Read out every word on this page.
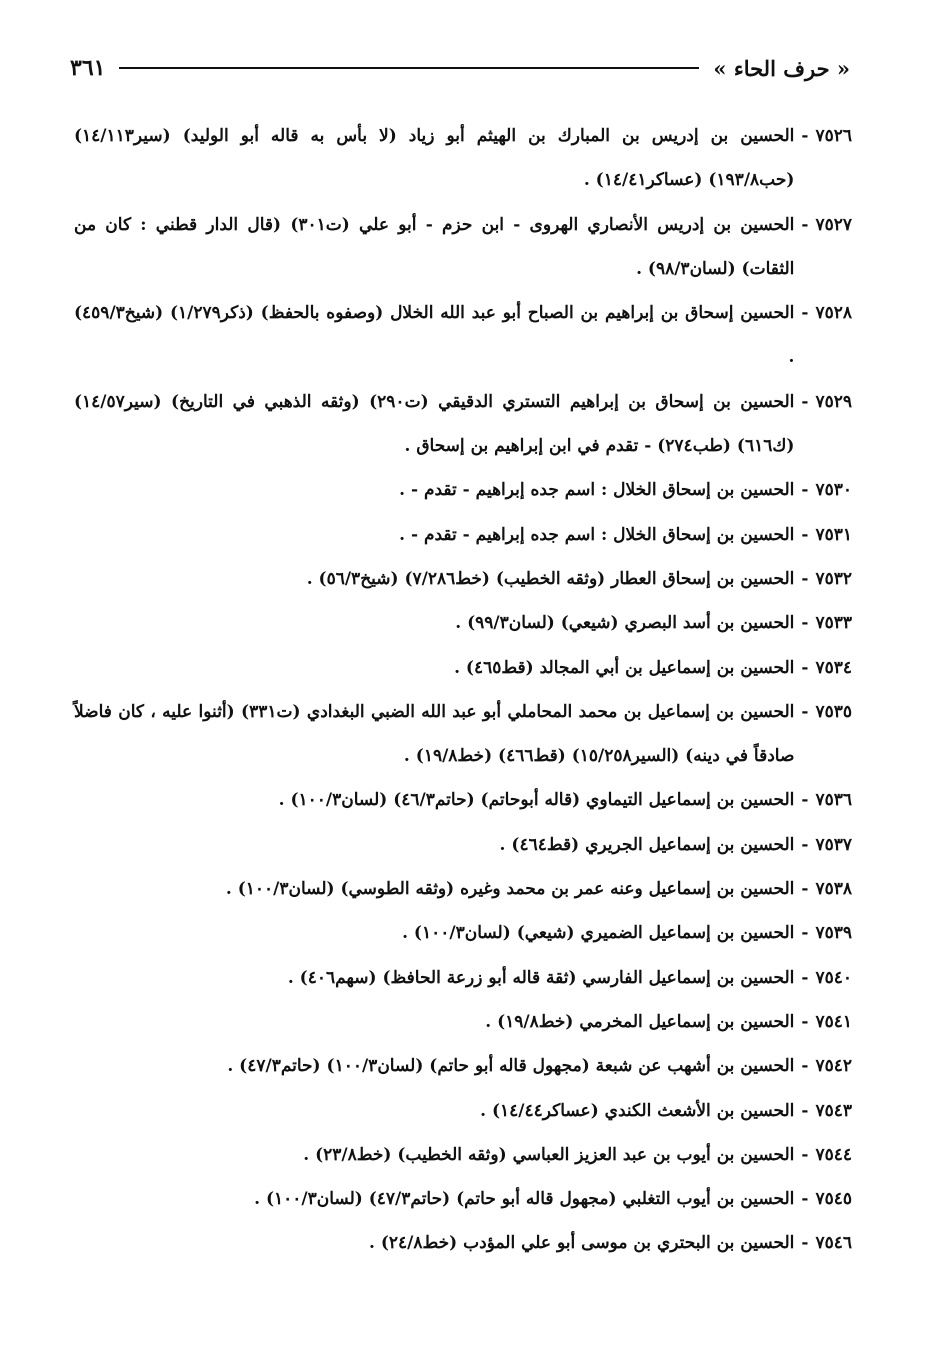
« حرف الحاء »
٣٦١
٧٥٢٦
-
الحسين بن إدريس بن المبارك بن الهيثم أبو زياد (لا بأس به قاله أبو الوليد) (سير١٤/١١٣) (حب١٩٣/٨) (عساكر١٤/٤١) .
٧٥٢٧
-
الحسين بن إدريس الأنصاري الهروى - ابن حزم - أبو علي (ت٣٠١) (قال الدار قطني : كان من الثقات) (لسان٩٨/٣) .
٧٥٢٨
-
الحسين إسحاق بن إبراهيم بن الصباح أبو عبد الله الخلال (وصفوه بالحفظ) (ذكر١/٢٧٩) (شيخ٤٥٩/٣) .
٧٥٢٩
-
الحسين بن إسحاق بن إبراهيم التستري الدقيقي (ت٢٩٠) (وثقه الذهبي في التاريخ) (سير١٤/٥٧) (ك٦١٦) (طب٢٧٤) - تقدم في ابن إبراهيم بن إسحاق .
٧٥٣٠
-
الحسين بن إسحاق الخلال : اسم جده إبراهيم - تقدم - .
٧٥٣١
-
الحسين بن إسحاق الخلال : اسم جده إبراهيم - تقدم - .
٧٥٣٢
-
الحسين بن إسحاق العطار (وثقه الخطيب) (خط٧/٢٨٦) (شيخ٥٦/٣) .
٧٥٣٣
-
الحسين بن أسد البصري (شيعي) (لسان٩٩/٣) .
٧٥٣٤
-
الحسين بن إسماعيل بن أبي المجالد (قط٤٦٥) .
٧٥٣٥
-
الحسين بن إسماعيل بن محمد المحاملي أبو عبد الله الضبي البغدادي (ت٣٣١) (أثنوا عليه ، كان فاضلاً صادقاً في دينه) (السير١٥/٢٥٨) (قط٤٦٦) (خط١٩/٨) .
٧٥٣٦
-
الحسين بن إسماعيل التيماوي (قاله أبوحاتم) (حاتم٤٦/٣) (لسان١٠٠/٣) .
٧٥٣٧
-
الحسين بن إسماعيل الجريري (قط٤٦٤) .
٧٥٣٨
-
الحسين بن إسماعيل وعنه عمر بن محمد وغيره (وثقه الطوسي) (لسان١٠٠/٣) .
٧٥٣٩
-
الحسين بن إسماعيل الضميري (شيعي) (لسان١٠٠/٣) .
٧٥٤٠
-
الحسين بن إسماعيل الفارسي (ثقة قاله أبو زرعة الحافظ) (سهم٤٠٦) .
٧٥٤١
-
الحسين بن إسماعيل المخرمي (خط١٩/٨) .
٧٥٤٢
-
الحسين بن أشهب عن شبعة (مجهول قاله أبو حاتم) (لسان١٠٠/٣) (حاتم٤٧/٣) .
٧٥٤٣
-
الحسين بن الأشعث الكندي (عساكر١٤/٤٤) .
٧٥٤٤
-
الحسين بن أيوب بن عبد العزيز العباسي (وثقه الخطيب) (خط٢٣/٨) .
٧٥٤٥
-
الحسين بن أيوب التغلبي (مجهول قاله أبو حاتم) (حاتم٤٧/٣) (لسان١٠٠/٣) .
٧٥٤٦
-
الحسين بن البحتري بن موسى أبو علي المؤدب (خط٢٤/٨) .
